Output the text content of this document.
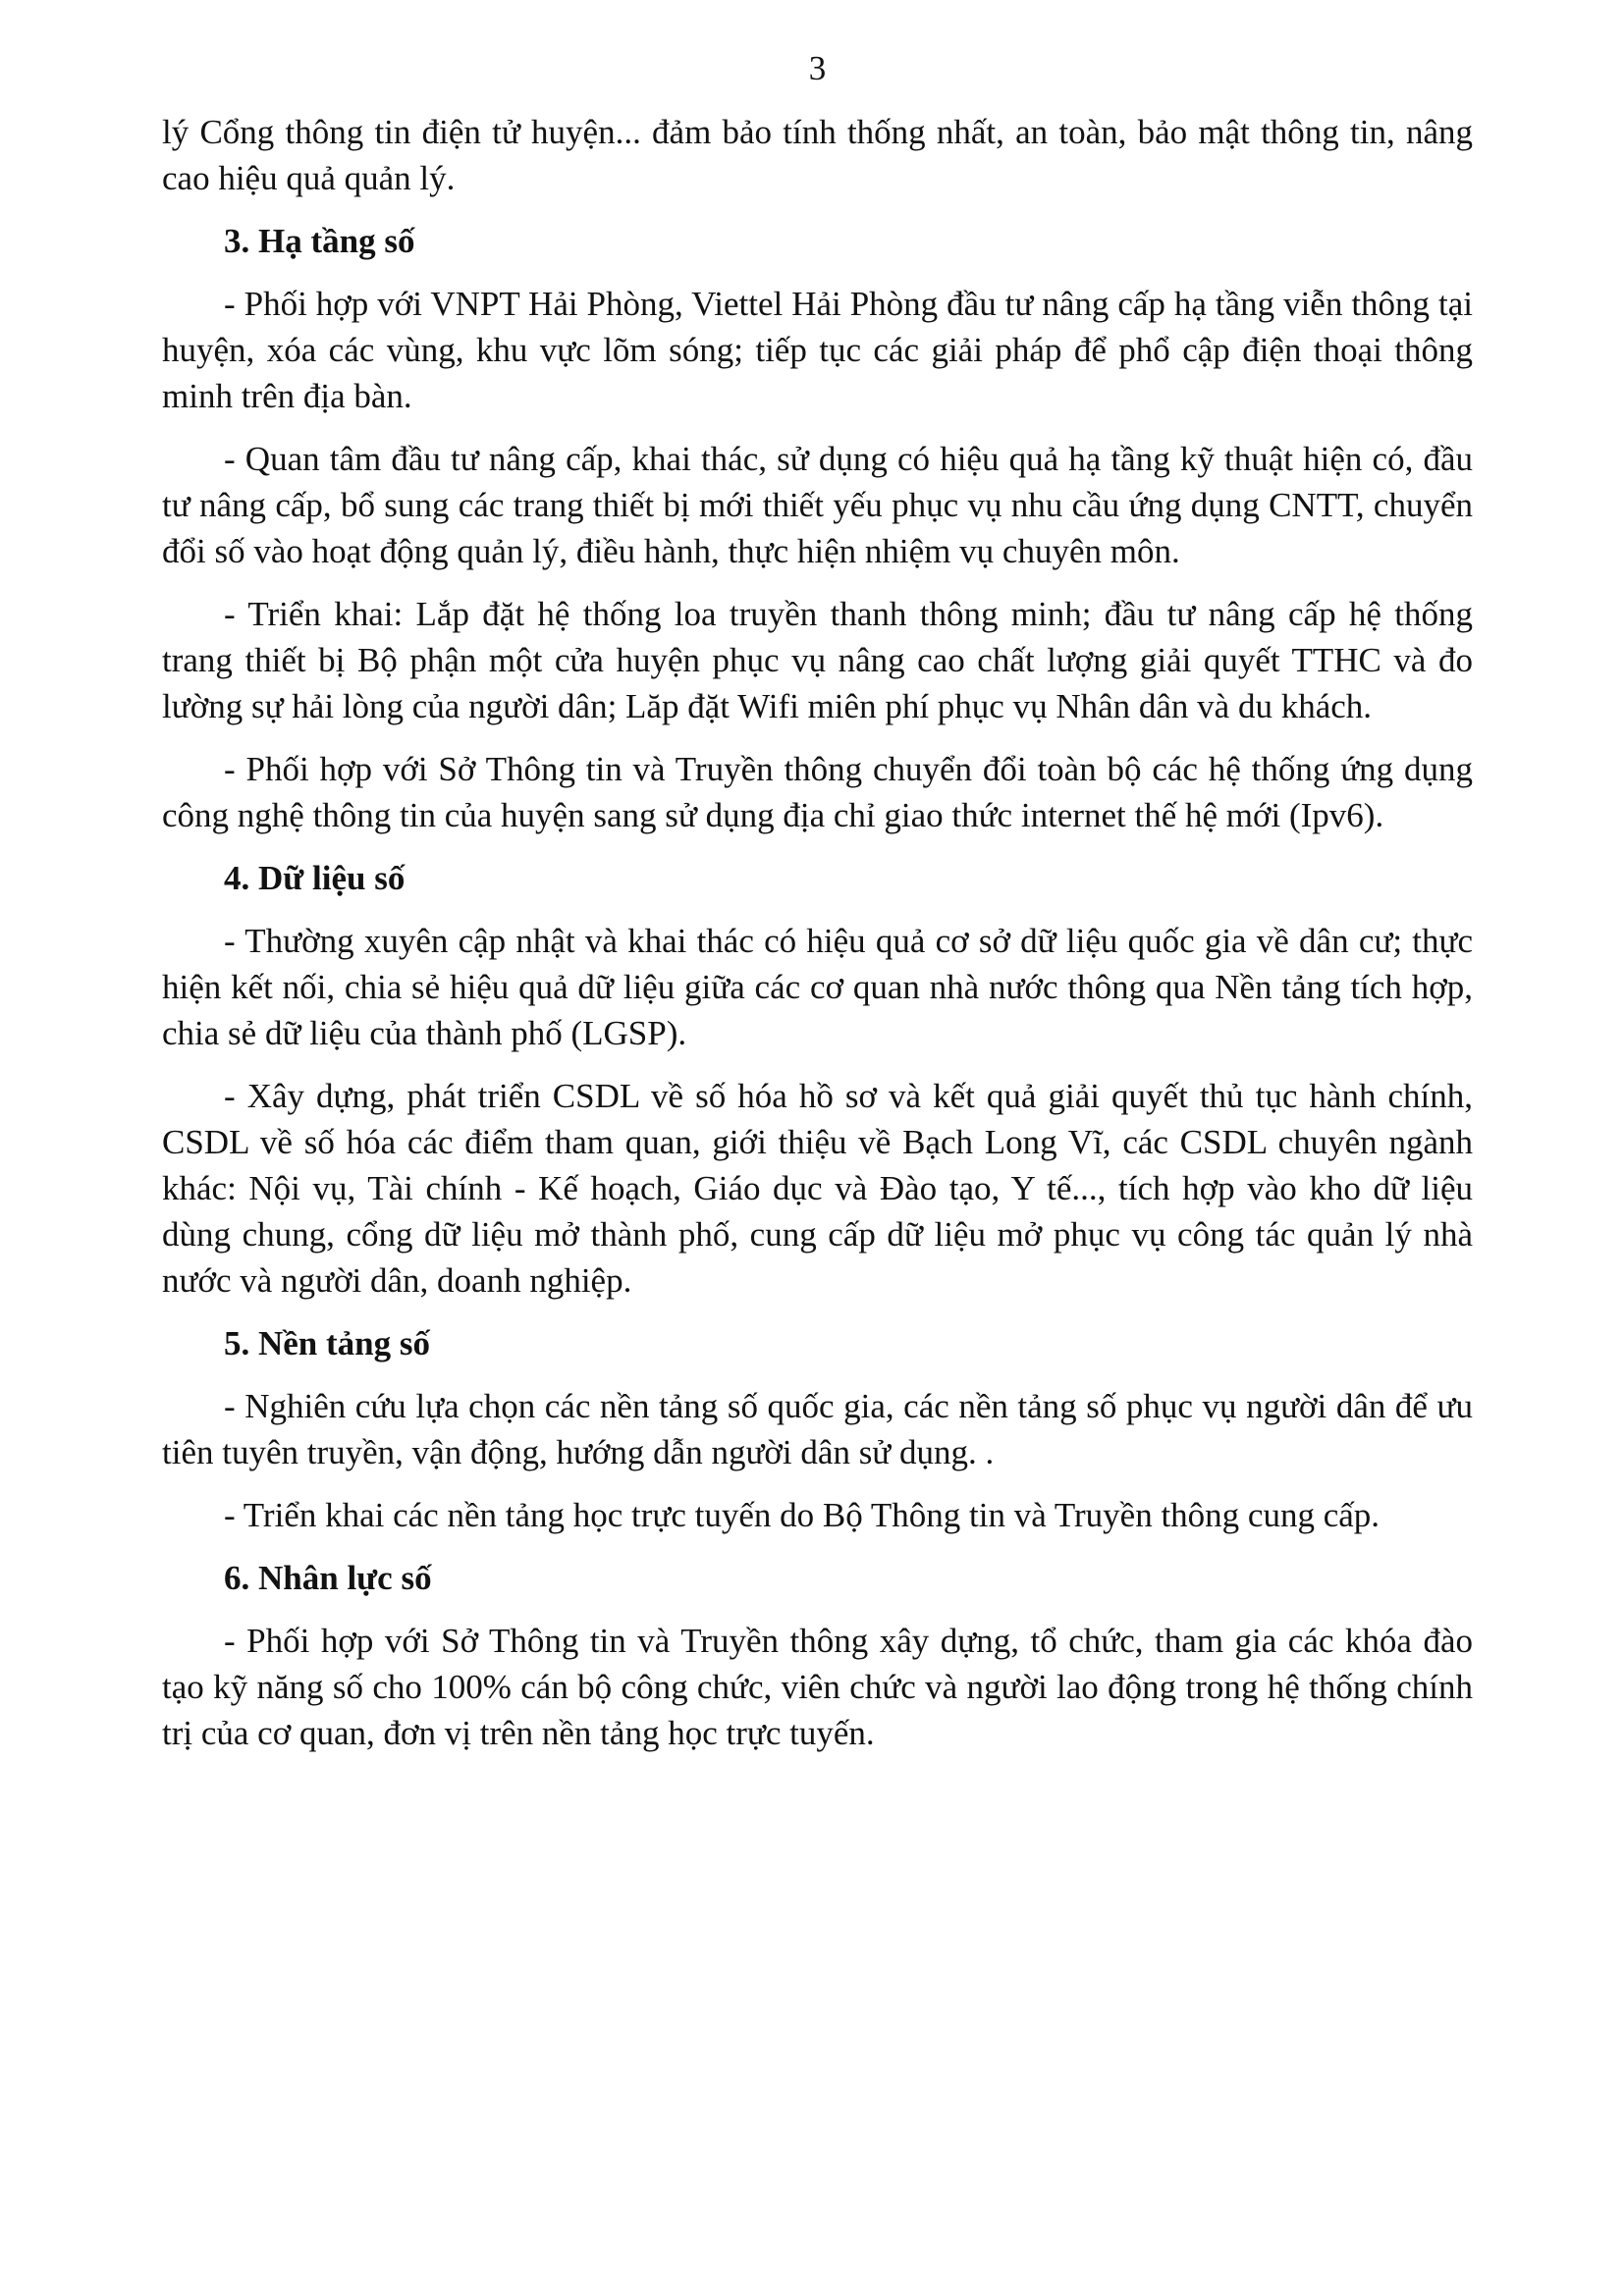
3

lý Cổng thông tin điện tử huyện... đảm bảo tính thống nhất, an toàn, bảo mật thông tin, nâng cao hiệu quả quản lý.

3. Hạ tầng số

- Phối hợp với VNPT Hải Phòng, Viettel Hải Phòng đầu tư nâng cấp hạ tầng viễn thông tại huyện, xóa các vùng, khu vực lõm sóng; tiếp tục các giải pháp để phổ cập điện thoại thông minh trên địa bàn.

- Quan tâm đầu tư nâng cấp, khai thác, sử dụng có hiệu quả hạ tầng kỹ thuật hiện có, đầu tư nâng cấp, bổ sung các trang thiết bị mới thiết yếu phục vụ nhu cầu ứng dụng CNTT, chuyển đổi số vào hoạt động quản lý, điều hành, thực hiện nhiệm vụ chuyên môn.

- Triển khai: Lắp đặt hệ thống loa truyền thanh thông minh; đầu tư nâng cấp hệ thống trang thiết bị Bộ phận một cửa huyện phục vụ nâng cao chất lượng giải quyết TTHC và đo lường sự hải lòng của người dân; Lăp đặt Wifi miên phí phục vụ Nhân dân và du khách.

- Phối hợp với Sở Thông tin và Truyền thông chuyển đổi toàn bộ các hệ thống ứng dụng công nghệ thông tin của huyện sang sử dụng địa chỉ giao thức internet thế hệ mới (Ipv6).

4. Dữ liệu số

- Thường xuyên cập nhật và khai thác có hiệu quả cơ sở dữ liệu quốc gia về dân cư; thực hiện kết nối, chia sẻ hiệu quả dữ liệu giữa các cơ quan nhà nước thông qua Nền tảng tích hợp, chia sẻ dữ liệu của thành phố (LGSP).

- Xây dựng, phát triển CSDL về số hóa hồ sơ và kết quả giải quyết thủ tục hành chính, CSDL về số hóa các điểm tham quan, giới thiệu về Bạch Long Vĩ, các CSDL chuyên ngành khác: Nội vụ, Tài chính - Kế hoạch, Giáo dục và Đào tạo, Y tế..., tích hợp vào kho dữ liệu dùng chung, cổng dữ liệu mở thành phố, cung cấp dữ liệu mở phục vụ công tác quản lý nhà nước và người dân, doanh nghiệp.

5. Nền tảng số

- Nghiên cứu lựa chọn các nền tảng số quốc gia, các nền tảng số phục vụ người dân để ưu tiên tuyên truyền, vận động, hướng dẫn người dân sử dụng. .

- Triển khai các nền tảng học trực tuyến do Bộ Thông tin và Truyền thông cung cấp.

6. Nhân lực số

- Phối hợp với Sở Thông tin và Truyền thông xây dựng, tổ chức, tham gia các khóa đào tạo kỹ năng số cho 100% cán bộ công chức, viên chức và người lao động trong hệ thống chính trị của cơ quan, đơn vị trên nền tảng học trực tuyến.
